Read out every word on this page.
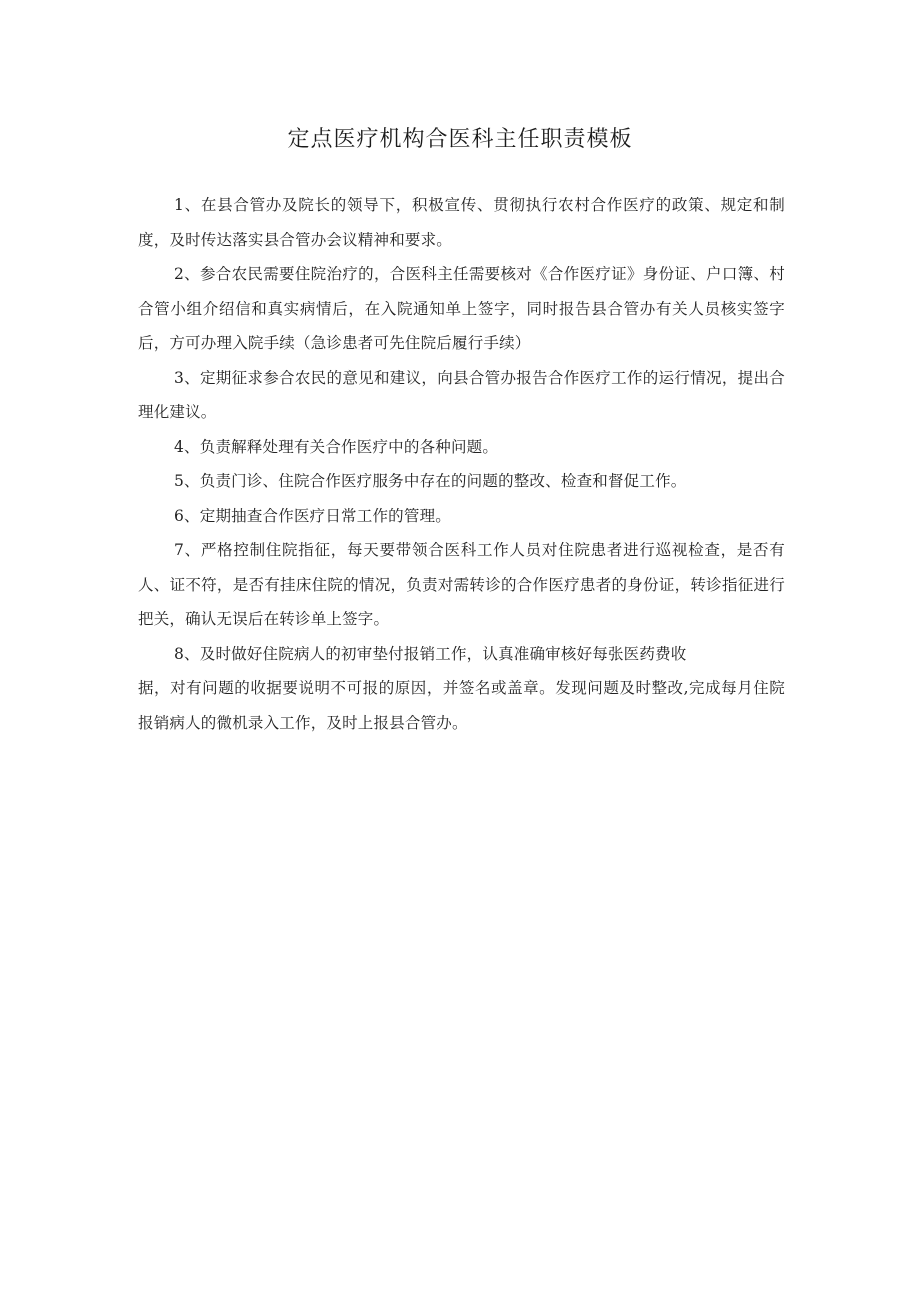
定点医疗机构合医科主任职责模板

1、在县合管办及院长的领导下，积极宣传、贯彻执行农村合作医疗的政策、规定和制度，及时传达落实县合管办会议精神和要求。

2、参合农民需要住院治疗的，合医科主任需要核对《合作医疗证》身份证、户口簿、村合管小组介绍信和真实病情后，在入院通知单上签字，同时报告县合管办有关人员核实签字后，方可办理入院手续（急诊患者可先住院后履行手续）

3、定期征求参合农民的意见和建议，向县合管办报告合作医疗工作的运行情况，提出合理化建议。

4、负责解释处理有关合作医疗中的各种问题。

5、负责门诊、住院合作医疗服务中存在的问题的整改、检查和督促工作。

6、定期抽查合作医疗日常工作的管理。

7、严格控制住院指征，每天要带领合医科工作人员对住院患者进行巡视检查，是否有人、证不符，是否有挂床住院的情况，负责对需转诊的合作医疗患者的身份证，转诊指征进行把关，确认无误后在转诊单上签字。

8、及时做好住院病人的初审垫付报销工作，认真准确审核好每张医药费收

据，对有问题的收据要说明不可报的原因，并签名或盖章。发现问题及时整改,完成每月住院报销病人的微机录入工作，及时上报县合管办。
